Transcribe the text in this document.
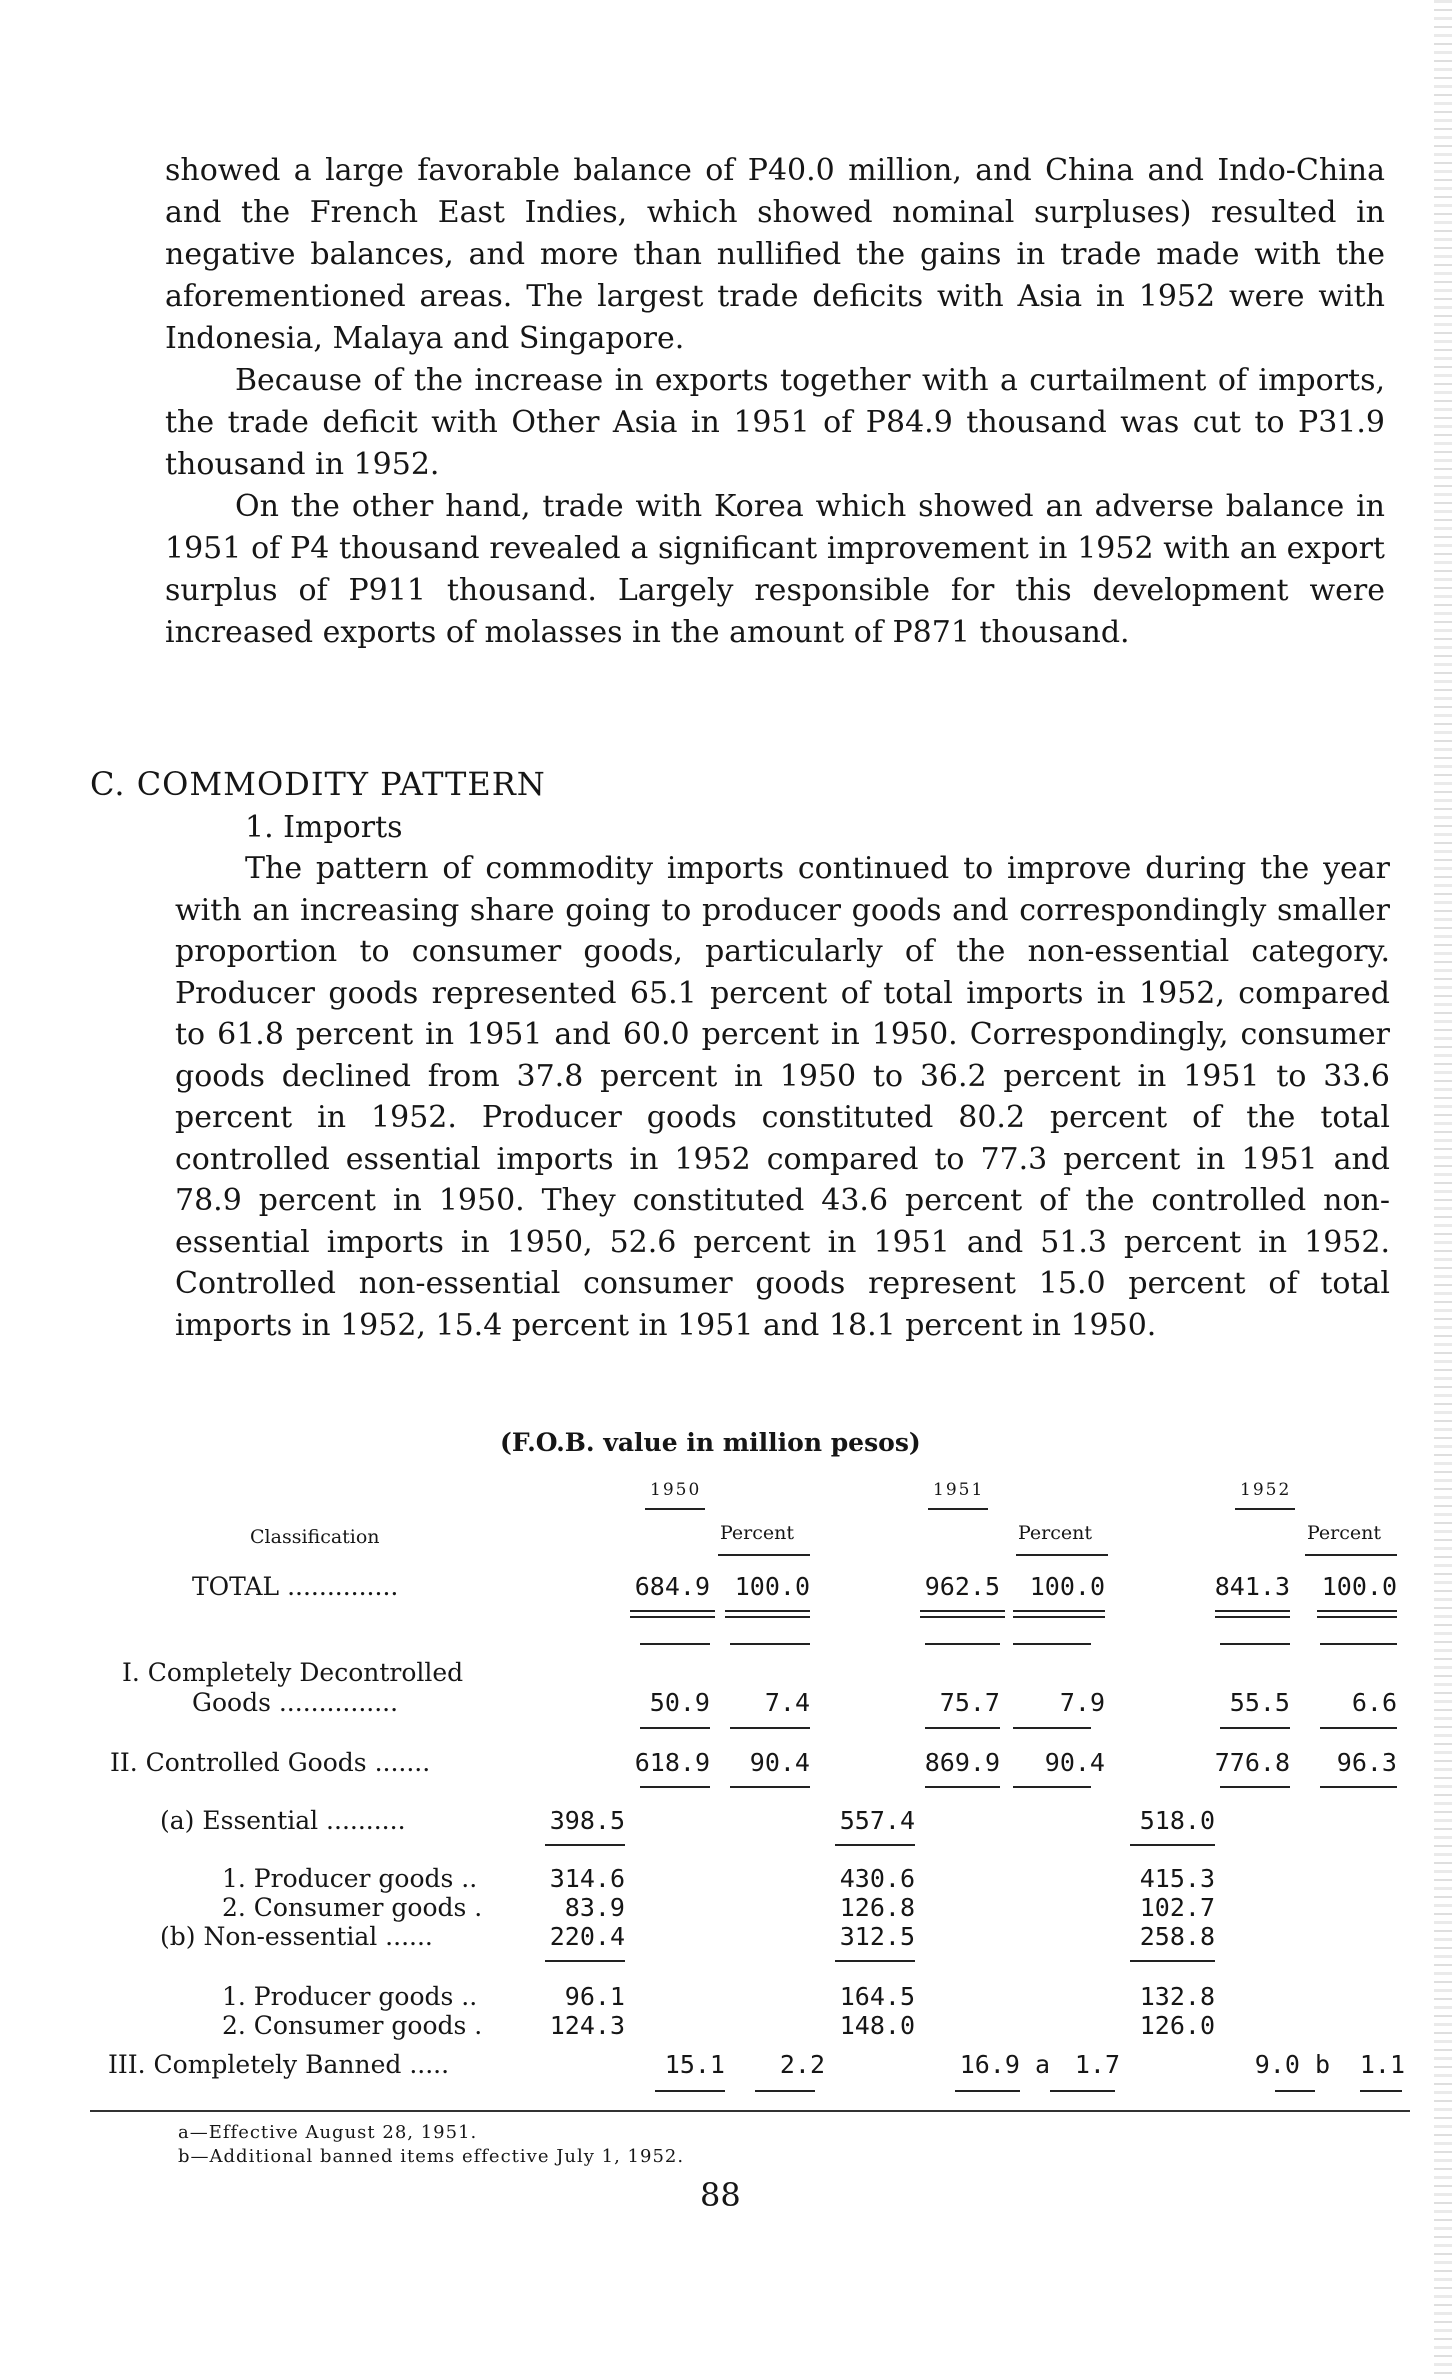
showed a large favorable balance of P40.0 million, and China and Indo-China and the French East Indies, which showed nominal surpluses) resulted in negative balances, and more than nullified the gains in trade made with the aforementioned areas. The largest trade deficits with Asia in 1952 were with Indonesia, Malaya and Singapore.

Because of the increase in exports together with a curtailment of imports, the trade deficit with Other Asia in 1951 of P84.9 thousand was cut to P31.9 thousand in 1952.

On the other hand, trade with Korea which showed an adverse balance in 1951 of P4 thousand revealed a significant improvement in 1952 with an export surplus of P911 thousand. Largely responsible for this development were increased exports of molasses in the amount of P871 thousand.

C. COMMODITY PATTERN
1. Imports

The pattern of commodity imports continued to improve during the year with an increasing share going to producer goods and correspondingly smaller proportion to consumer goods, particularly of the non-essential category. Producer goods represented 65.1 percent of total imports in 1952, compared to 61.8 percent in 1951 and 60.0 percent in 1950. Correspondingly, consumer goods declined from 37.8 percent in 1950 to 36.2 percent in 1951 to 33.6 percent in 1952. Producer goods constituted 80.2 percent of the total controlled essential imports in 1952 compared to 77.3 percent in 1951 and 78.9 percent in 1950. They constituted 43.6 percent of the controlled non-essential imports in 1950, 52.6 percent in 1951 and 51.3 percent in 1952. Controlled non-essential consumer goods represent 15.0 percent of total imports in 1952, 15.4 percent in 1951 and 18.1 percent in 1950.

(F.O.B. value in million pesos)

Classification
1950	1951	1952
Percent	Percent	Percent
TOTAL ..............	684.9 100.0	962.5	100.0	841.3	100.0
I. Completely Decontrolled
Goods ...............	50.9	7.4	75.7	7.9	55.5	6.6
II. Controlled Goods .......	618.9	90.4	869.9	90.4	776.8	96.3
(a) Essential ..........	398.5	557.4	518.0
1. Producer goods ..	314.6	430.6	415.3
2. Consumer goods .	83.9	126.8	102.7
(b) Non-essential ......	220.4	312.5	258.8
1. Producer goods ..	96.1	164.5	132.8
2. Consumer goods .	124.3	148.0	126.0
III. Completely Banned .....	15.1	2.2	16.9 a 1.7	9.0 b	1.1

a—Effective August 28, 1951.

b—Additional banned items effective July 1, 1952.

88
